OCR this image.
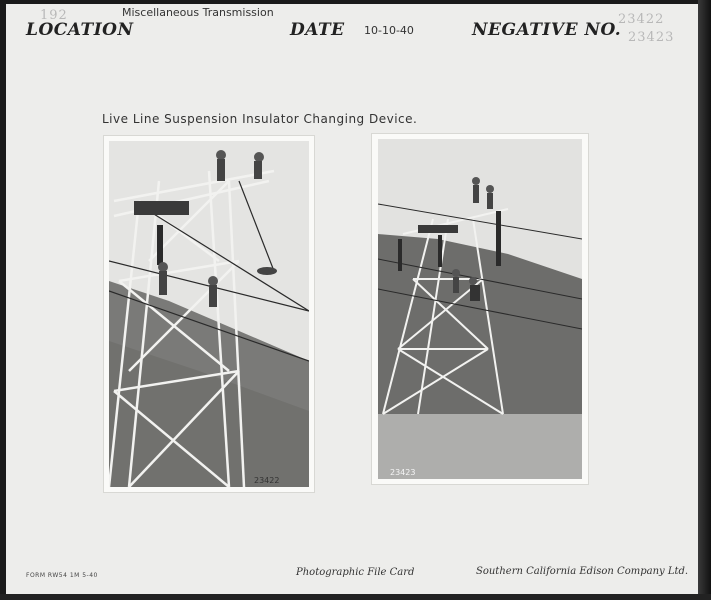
192	Miscellaneous Transmission
LOCATION	DATE 10-10-40	NEGATIVE NO.
23422
23423
Live Line Suspension Insulator Changing Device.
23422
23423
FORM RW54 1M 5-40	Photographic File Card	Southern California Edison Company Ltd.
